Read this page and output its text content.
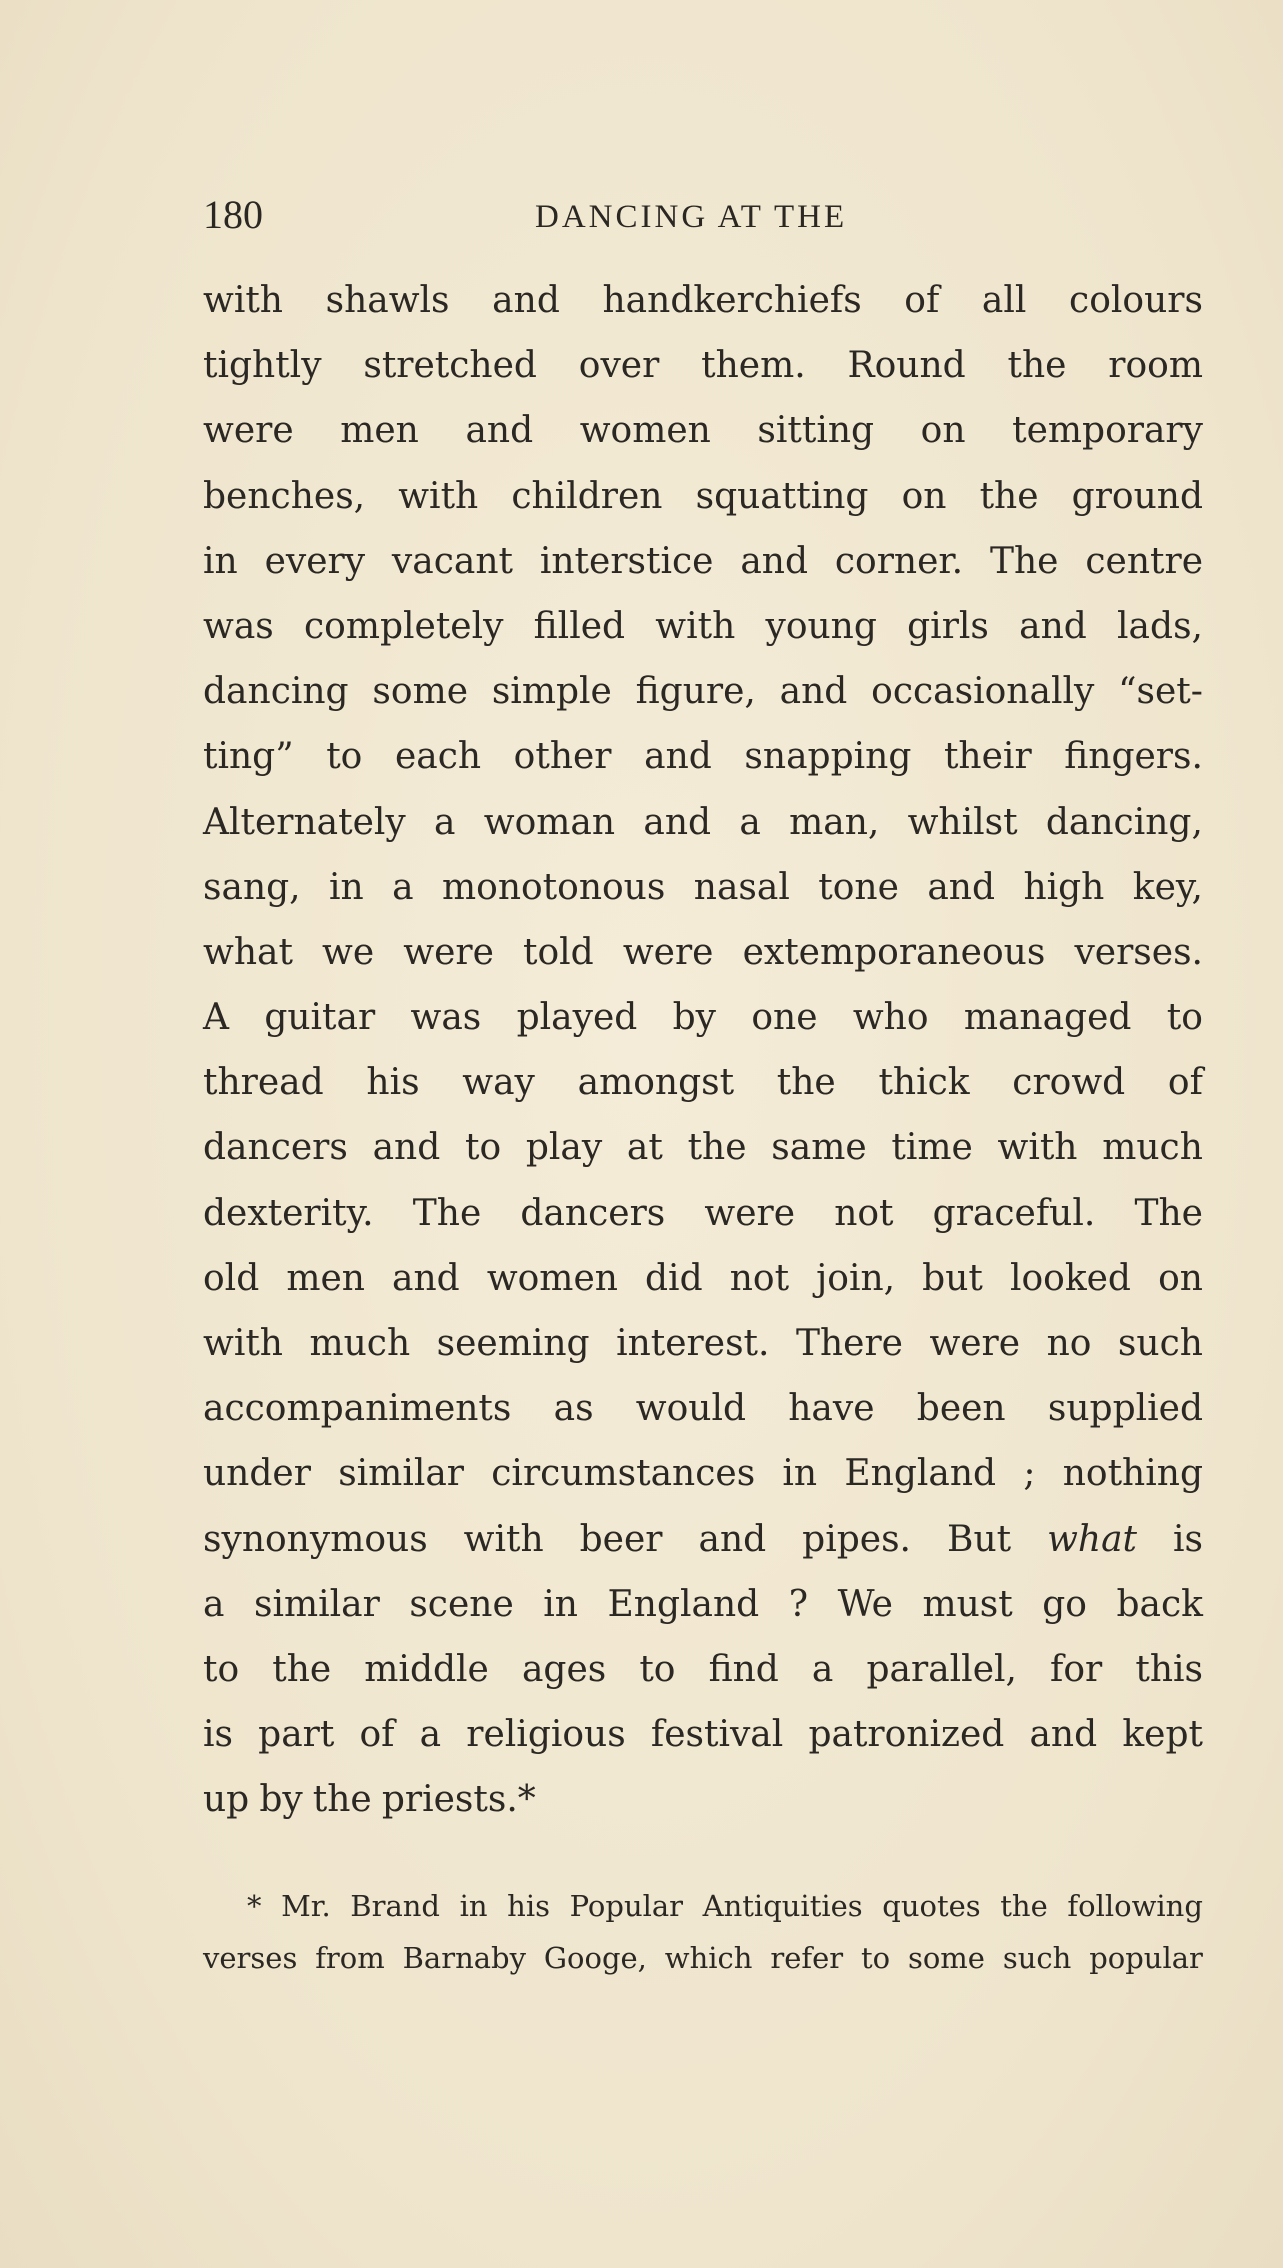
180	DANCING AT THE
with shawls and handkerchiefs of all colours
tightly stretched over them. Round the room
were men and women sitting on temporary
benches, with children squatting on the ground
in every vacant interstice and corner. The centre
was completely filled with young girls and lads,
dancing some simple figure, and occasionally “set-
ting” to each other and snapping their fingers.
Alternately a woman and a man, whilst dancing,
sang, in a monotonous nasal tone and high key,
what we were told were extemporaneous verses.
A guitar was played by one who managed to
thread his way amongst the thick crowd of
dancers and to play at the same time with much
dexterity. The dancers were not graceful. The
old men and women did not join, but looked on
with much seeming interest. There were no such
accompaniments as would have been supplied
under similar circumstances in England ; nothing
synonymous with beer and pipes. But what is
a similar scene in England ? We must go back
to the middle ages to find a parallel, for this
is part of a religious festival patronized and kept
up by the priests.*
* Mr. Brand in his Popular Antiquities quotes the following
verses from Barnaby Googe, which refer to some such popular
